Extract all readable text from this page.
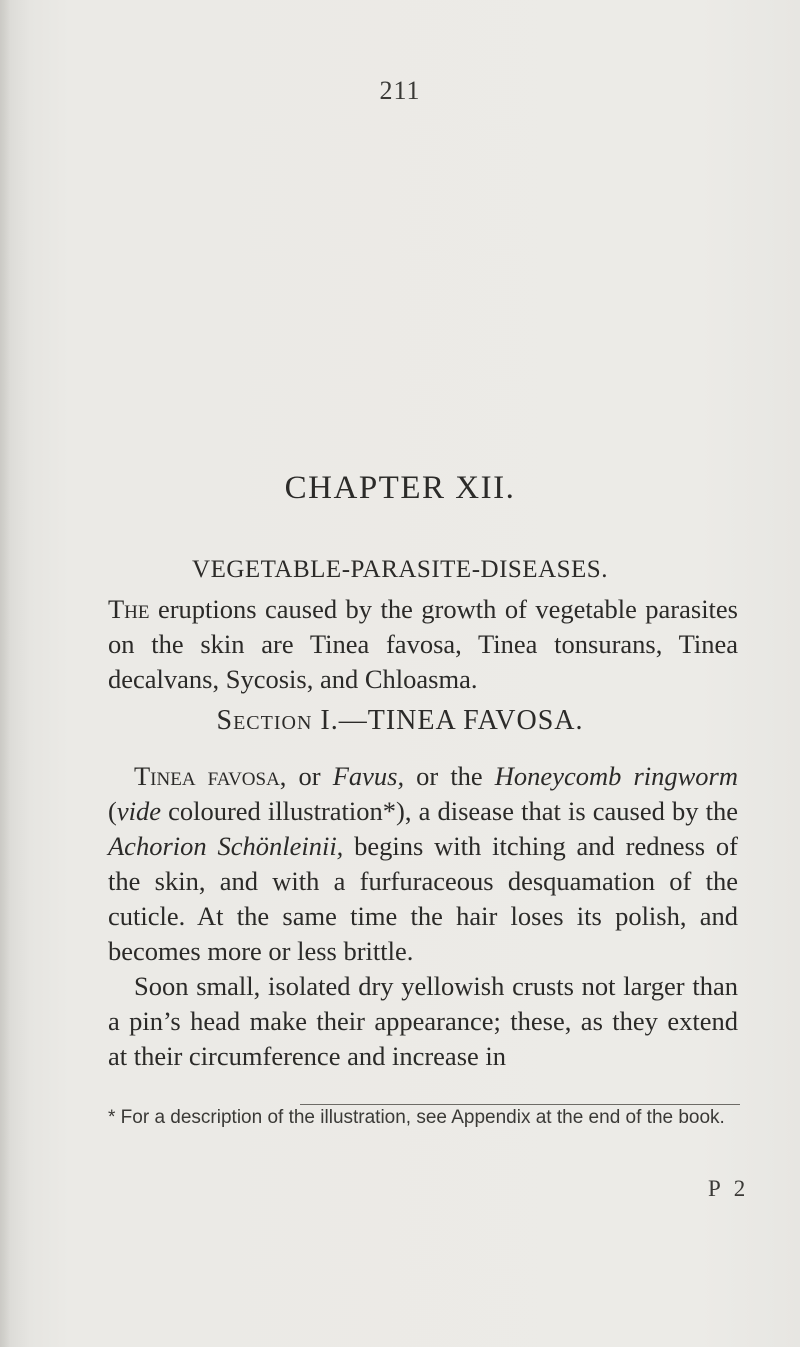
211
CHAPTER XII.
VEGETABLE-PARASITE-DISEASES.
The eruptions caused by the growth of vegetable parasites on the skin are Tinea favosa, Tinea tonsurans, Tinea decalvans, Sycosis, and Chloasma.
Section I.—TINEA FAVOSA.
Tinea favosa, or Favus, or the Honeycomb ringworm (vide coloured illustration*), a disease that is caused by the Achorion Schönleinii, begins with itching and redness of the skin, and with a furfuraceous desquamation of the cuticle. At the same time the hair loses its polish, and becomes more or less brittle.
Soon small, isolated dry yellowish crusts not larger than a pin’s head make their appearance; these, as they extend at their circumference and increase in
* For a description of the illustration, see Appendix at the end of the book.
P 2
